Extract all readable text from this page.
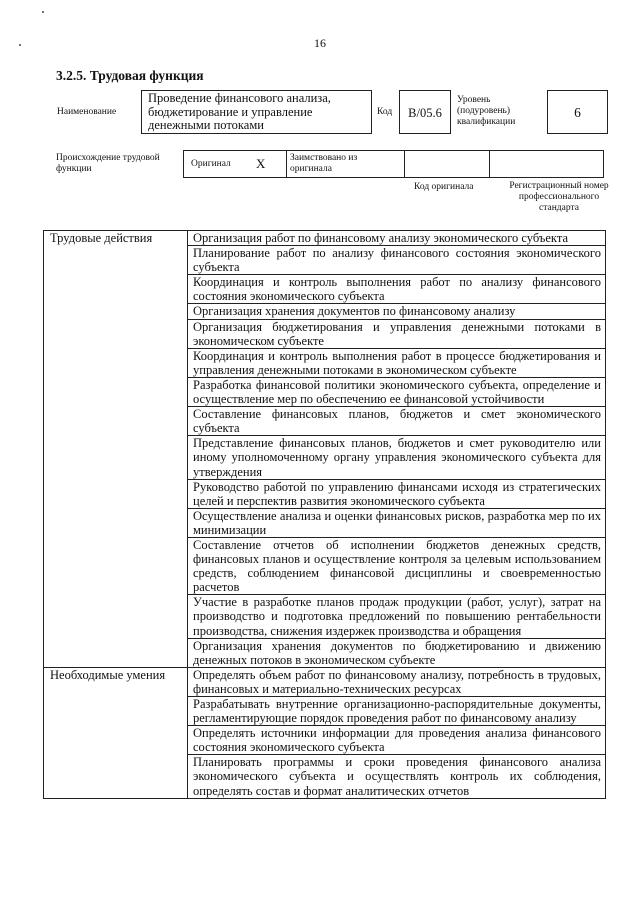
16
3.2.5. Трудовая функция
Наименование
Проведение финансового анализа, бюджетирование и управление денежными потоками
Код	В/05.6
Уровень
(подуровень)
квалификации
6
Происхождение трудовой
функции	Оригинал X	Заимствовано из оригинала
Код оригинала	Регистрационный номер
профессионального
стандарта
Трудовые действия	Организация работ по финансовому анализу экономического субъекта
	Планирование работ по анализу финансового состояния экономического субъекта
	Координация и контроль выполнения работ по анализу финансового состояния экономического субъекта
	Организация хранения документов по финансовому анализу
	Организация бюджетирования и управления денежными потоками в экономическом субъекте
	Координация и контроль выполнения работ в процессе бюджетирования и управления денежными потоками в экономическом субъекте
	Разработка финансовой политики экономического субъекта, определение и осуществление мер по обеспечению ее финансовой устойчивости
	Составление финансовых планов, бюджетов и смет экономического субъекта
	Представление финансовых планов, бюджетов и смет руководителю или иному уполномоченному органу управления экономического субъекта для утверждения
	Руководство работой по управлению финансами исходя из стратегических целей и перспектив развития экономического субъекта
	Осуществление анализа и оценки финансовых рисков, разработка мер по их минимизации
	Составление отчетов об исполнении бюджетов денежных средств, финансовых планов и осуществление контроля за целевым использованием средств, соблюдением финансовой дисциплины и своевременностью расчетов
	Участие в разработке планов продаж продукции (работ, услуг), затрат на производство и подготовка предложений по повышению рентабельности производства, снижения издержек производства и обращения
	Организация хранения документов по бюджетированию и движению денежных потоков в экономическом субъекте
Необходимые умения	Определять объем работ по финансовому анализу, потребность в трудовых, финансовых и материально-технических ресурсах
	Разрабатывать внутренние организационно-распорядительные документы, регламентирующие порядок проведения работ по финансовому анализу
	Определять источники информации для проведения анализа финансового состояния экономического субъекта
	Планировать программы и сроки проведения финансового анализа экономического субъекта и осуществлять контроль их соблюдения, определять состав и формат аналитических отчетов
